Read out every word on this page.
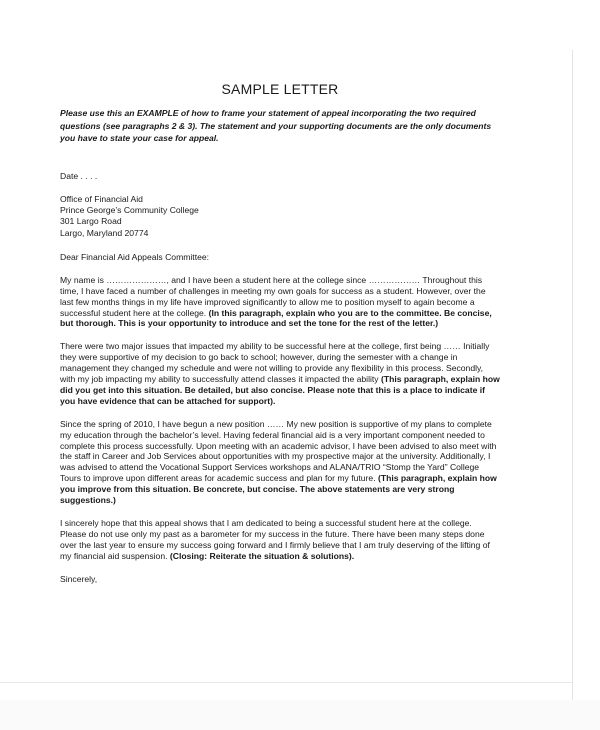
SAMPLE LETTER
Please use this an EXAMPLE of how to frame your statement of appeal incorporating the two required questions (see paragraphs 2 & 3). The statement and your supporting documents are the only documents you have to state your case for appeal.
Date . . . .
Office of Financial Aid
Prince George’s Community College
301 Largo Road
Largo, Maryland 20774
Dear Financial Aid Appeals Committee:

My name is …………………, and I have been a student here at the college since ……………… Throughout this time, I have faced a number of challenges in meeting my own goals for success as a student. However, over the last few months things in my life have improved significantly to allow me to position myself to again become a successful student here at the college. (In this paragraph, explain who you are to the committee. Be concise, but thorough. This is your opportunity to introduce and set the tone for the rest of the letter.)

There were two major issues that impacted my ability to be successful here at the college, first being …… Initially they were supportive of my decision to go back to school; however, during the semester with a change in management they changed my schedule and were not willing to provide any flexibility in this process. Secondly, with my job impacting my ability to successfully attend classes it impacted the ability (This paragraph, explain how did you get into this situation. Be detailed, but also concise. Please note that this is a place to indicate if you have evidence that can be attached for support).

Since the spring of 2010, I have begun a new position …… My new position is supportive of my plans to complete my education through the bachelor’s level. Having federal financial aid is a very important component needed to complete this process successfully. Upon meeting with an academic advisor, I have been advised to also meet with the staff in Career and Job Services about opportunities with my prospective major at the university. Additionally, I was advised to attend the Vocational Support Services workshops and ALANA/TRIO “Stomp the Yard” College Tours to improve upon different areas for academic success and plan for my future. (This paragraph, explain how you improve from this situation. Be concrete, but concise. The above statements are very strong suggestions.)

I sincerely hope that this appeal shows that I am dedicated to being a successful student here at the college. Please do not use only my past as a barometer for my success in the future. There have been many steps done over the last year to ensure my success going forward and I firmly believe that I am truly deserving of the lifting of my financial aid suspension. (Closing: Reiterate the situation & solutions).

Sincerely,
